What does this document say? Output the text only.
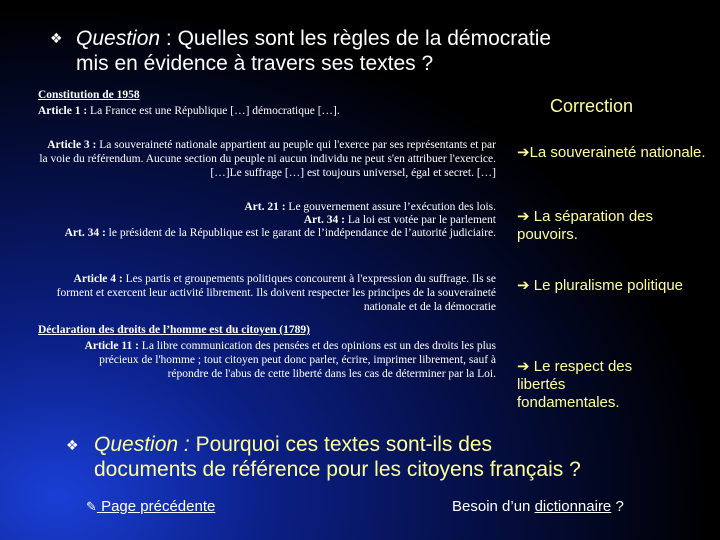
❖ Question : Quelles sont les règles de la démocratie
mis en évidence à travers ses textes ?
Constitution de 1958
Article 1 : La France est une République […] démocratique […].
Article 3 : La souveraineté nationale appartient au peuple qui l'exerce par ses représentants et par la voie du référendum. Aucune section du peuple ni aucun individu ne peut s'en attribuer l'exercice. […]Le suffrage […] est toujours universel, égal et secret. […]
Art. 21 : Le gouvernement assure l’exécution des lois.
Art. 34 : La loi est votée par le parlement
Art. 34 : le président de la République est le garant de l’indépendance de l’autorité judiciaire.
Article 4 : Les partis et groupements politiques concourent à l'expression du suffrage. Ils se forment et exercent leur activité librement. Ils doivent respecter les principes de la souveraineté nationale et de la démocratie
Déclaration des droits de l’homme est du citoyen (1789)
Article 11 : La libre communication des pensées et des opinions est un des droits les plus précieux de l'homme ; tout citoyen peut donc parler, écrire, imprimer librement, sauf à répondre de l'abus de cette liberté dans les cas de déterminer par la Loi.
Correction
➔La souveraineté nationale.
➔ La séparation des pouvoirs.
➔ Le pluralisme politique
➔ Le respect des libertés fondamentales.
❖ Question : Pourquoi ces textes sont-ils des
documents de référence pour les citoyens français ?
✎ Page précédente	Besoin d’un dictionnaire ?
